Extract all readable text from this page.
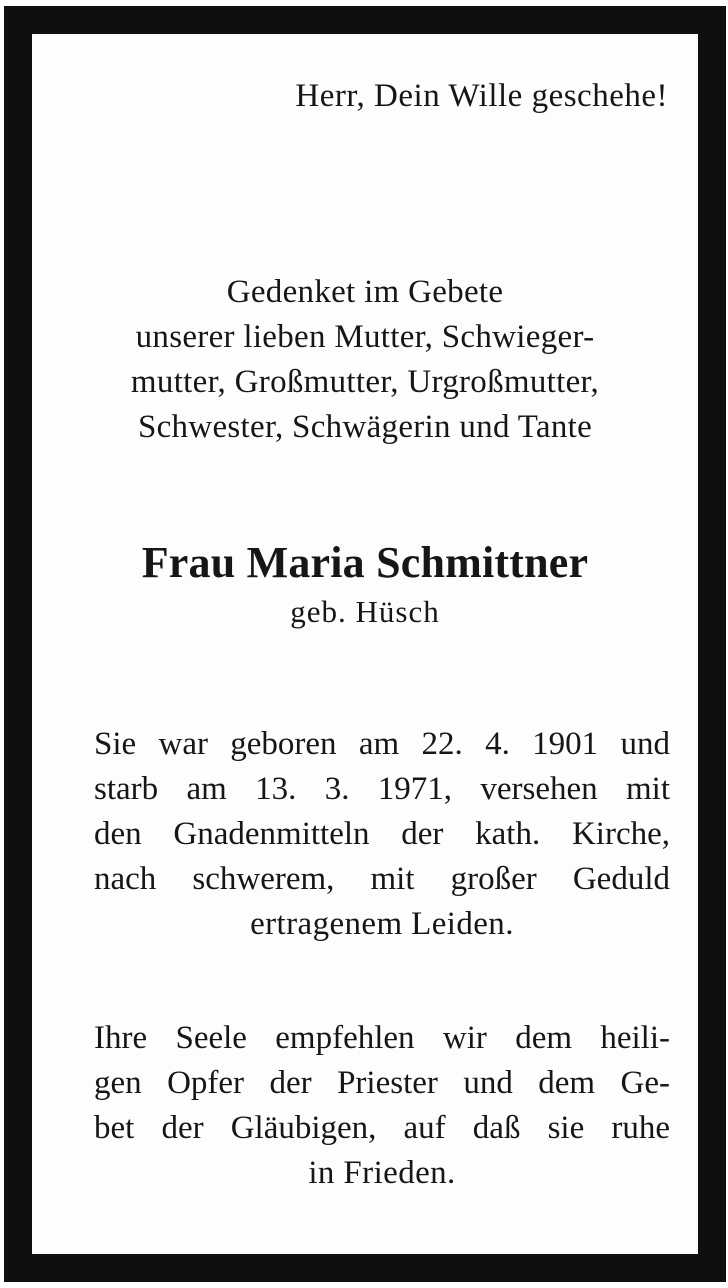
Herr, Dein Wille geschehe!
Gedenket im Gebete
unserer lieben Mutter, Schwieger-
mutter, Großmutter, Urgroßmutter,
Schwester, Schwägerin und Tante
Frau Maria Schmittner
geb. Hüsch
Sie war geboren am 22. 4. 1901 und
starb am 13. 3. 1971, versehen mit
den Gnadenmitteln der kath. Kirche,
nach schwerem, mit großer Geduld
ertragenem Leiden.
Ihre Seele empfehlen wir dem heili-
gen Opfer der Priester und dem Ge-
bet der Gläubigen, auf daß sie ruhe
in Frieden.
